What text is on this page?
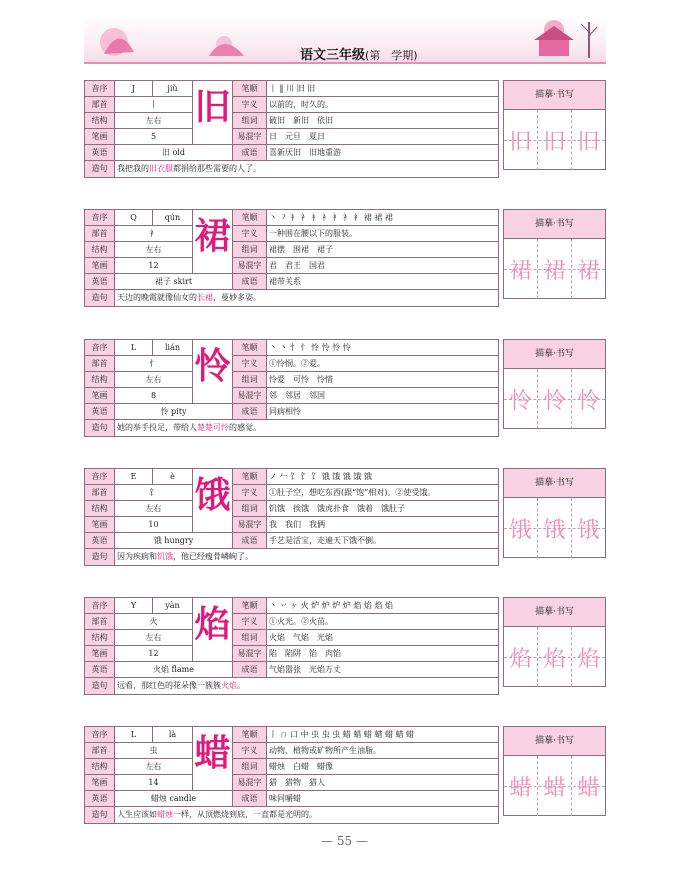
语文三年级(第　学期)
音序	J	jiù	旧	笔顺	丨 ‖ 川 旧 旧
部首	丨			字义	以前的，时久的。
结构	左右			组词	破旧　新旧　依旧
笔画	5			易混字	日　元旦　夏日
英语	旧 old			成语	喜新厌旧　旧地重游
造句	我把我的旧衣服都捐给那些需要的人了。				
描摹·书写
旧 旧 旧
音序	Q	qún	裙	笔顺	丶 ㇇ 衤 衤 衤 衤 衤 衤 衤 裙 裙 裙
部首	衤			字义	一种围在腰以下的服装。
结构	左右			组词	裙摆　围裙　裙子
笔画	12			易混字	君　君王　国君
英语	裙子 skirt			成语	裙带关系
造句	天边的晚霞就像仙女的长裙，曼妙多姿。				
描摹·书写
裙 裙 裙
音序	L	lián	怜	笔顺	丶 丶 忄 忄 怜 怜 怜 怜
部首	忄			字义	①怜悯。②爱。
结构	左右			组词	怜爱　可怜　怜惜
笔画	8			易混字	邻　邻居　邻国
英语	怜 pity			成语	同病相怜
造句	她的举手投足，带给人楚楚可怜的感觉。				
描摹·书写
怜 怜 怜
音序	E	è	饿	笔顺	ノ 𠂉 饣 饣 饣 饿 饿 饿 饿 饿
部首	饣			字义	①肚子空，想吃东西(跟“饱”相对)。②使受饿。
结构	左右			组词	饥饿　挨饿　饿虎扑食　饿着　饿肚子
笔画	10			易混字	我　我们　我俩
英语	饿 hungry			成语	手艺是活宝，走遍天下饿不倒。
造句	因为疾病和饥饿，他已经瘦骨嶙峋了。				
描摹·书写
饿 饿 饿
音序	Y	yàn	焰	笔顺	丶 丷 ヶ 火 炉 炉 炉 炉 焰 焰 焰 焰
部首	火			字义	①火光。②火苗。
结构	左右			组词	火焰　气焰　光焰
笔画	12			易混字	陷　陷阱　馅　肉馅
英语	火焰 flame			成语	气焰嚣张　光焰万丈
造句	远看，那红色的花朵像一簇簇火焰。				
描摹·书写
焰 焰 焰
音序	L	là	蜡	笔顺	丨 ㄇ 口 中 虫 虫 虫 蜡 蜡 蜡 蜡 蜡 蜡 蜡
部首	虫			字义	动物、植物或矿物所产生油脂。
结构	左右			组词	蜡烛　白蜡　蜡像
笔画	14			易混字	猎　猎物　猎人
英语	蜡烛 candle			成语	味同嚼蜡
造句	人生应该如蜡烛一样，从顶燃烧到底，一直都是光明的。				
描摹·书写
蜡 蜡 蜡
— 55 —
